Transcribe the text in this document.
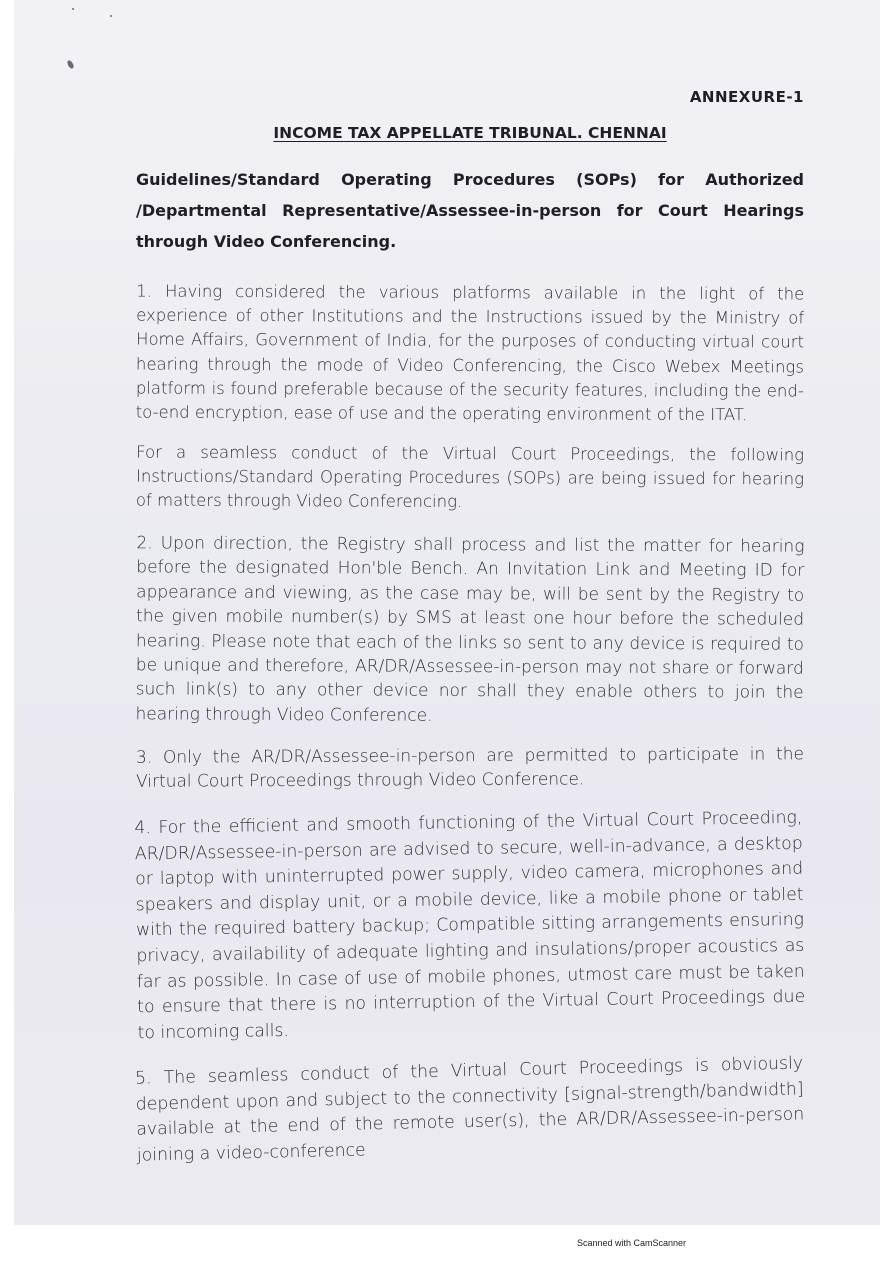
ANNEXURE-1
INCOME TAX APPELLATE TRIBUNAL. CHENNAI
Guidelines/Standard Operating Procedures (SOPs) for Authorized /Departmental Representative/Assessee-in-person for Court Hearings through Video Conferencing.

1. Having considered the various platforms available in the light of the experience of other Institutions and the Instructions issued by the Ministry of Home Affairs, Government of India, for the purposes of conducting virtual court hearing through the mode of Video Conferencing, the Cisco Webex Meetings platform is found preferable because of the security features, including the end-to-end encryption, ease of use and the operating environment of the ITAT.

For a seamless conduct of the Virtual Court Proceedings, the following Instructions/Standard Operating Procedures (SOPs) are being issued for hearing of matters through Video Conferencing.

2. Upon direction, the Registry shall process and list the matter for hearing before the designated Hon'ble Bench. An Invitation Link and Meeting ID for appearance and viewing, as the case may be, will be sent by the Registry to the given mobile number(s) by SMS at least one hour before the scheduled hearing. Please note that each of the links so sent to any device is required to be unique and therefore, AR/DR/Assessee-in-person may not share or forward such link(s) to any other device nor shall they enable others to join the hearing through Video Conference.

3. Only the AR/DR/Assessee-in-person are permitted to participate in the Virtual Court Proceedings through Video Conference.

4. For the efficient and smooth functioning of the Virtual Court Proceeding, AR/DR/Assessee-in-person are advised to secure, well-in-advance, a desktop or laptop with uninterrupted power supply, video camera, microphones and speakers and display unit, or a mobile device, like a mobile phone or tablet with the required battery backup; Compatible sitting arrangements ensuring privacy, availability of adequate lighting and insulations/proper acoustics as far as possible. In case of use of mobile phones, utmost care must be taken to ensure that there is no interruption of the Virtual Court Proceedings due to incoming calls.

5. The seamless conduct of the Virtual Court Proceedings is obviously dependent upon and subject to the connectivity [signal-strength/bandwidth] available at the end of the remote user(s), the AR/DR/Assessee-in-person joining a video-conference

Scanned with CamScanner
